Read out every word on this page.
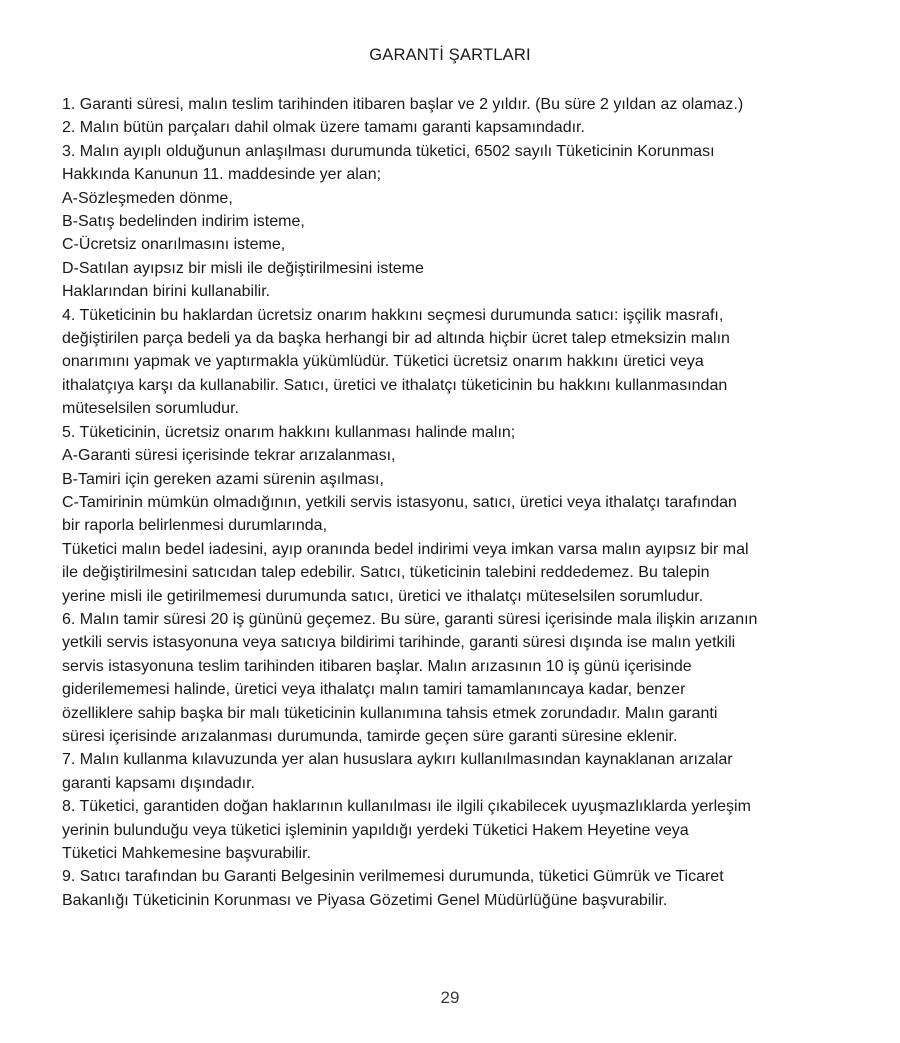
GARANTİ ŞARTLARI
1. Garanti süresi, malın teslim tarihinden itibaren başlar ve 2 yıldır. (Bu süre 2 yıldan az olamaz.)
2. Malın bütün parçaları dahil olmak üzere tamamı garanti kapsamındadır.
3. Malın ayıplı olduğunun anlaşılması durumunda tüketici, 6502 sayılı Tüketicinin Korunması
Hakkında Kanunun 11. maddesinde yer alan;
A-Sözleşmeden dönme,
B-Satış bedelinden indirim isteme,
C-Ücretsiz onarılmasını isteme,
D-Satılan ayıpsız bir misli ile değiştirilmesini isteme
Haklarından birini kullanabilir.
4. Tüketicinin bu haklardan ücretsiz onarım hakkını seçmesi durumunda satıcı: işçilik masrafı,
değiştirilen parça bedeli ya da başka herhangi bir ad altında hiçbir ücret talep etmeksizin malın
onarımını yapmak ve yaptırmakla yükümlüdür. Tüketici ücretsiz onarım hakkını üretici veya
ithalatçıya karşı da kullanabilir. Satıcı, üretici ve ithalatçı tüketicinin bu hakkını kullanmasından
müteselsilen sorumludur.
5. Tüketicinin, ücretsiz onarım hakkını kullanması halinde malın;
A-Garanti süresi içerisinde tekrar arızalanması,
B-Tamiri için gereken azami sürenin aşılması,
C-Tamirinin mümkün olmadığının, yetkili servis istasyonu, satıcı, üretici veya ithalatçı tarafından
bir raporla belirlenmesi durumlarında,
Tüketici malın bedel iadesini, ayıp oranında bedel indirimi veya imkan varsa malın ayıpsız bir mal
ile değiştirilmesini satıcıdan talep edebilir. Satıcı, tüketicinin talebini reddedemez. Bu talepin
yerine misli ile getirilmemesi durumunda satıcı, üretici ve ithalatçı müteselsilen sorumludur.
6. Malın tamir süresi 20 iş gününü geçemez. Bu süre, garanti süresi içerisinde mala ilişkin arızanın
yetkili servis istasyonuna veya satıcıya bildirimi tarihinde, garanti süresi dışında ise malın yetkili
servis istasyonuna teslim tarihinden itibaren başlar. Malın arızasının 10 iş günü içerisinde
giderilememesi halinde, üretici veya ithalatçı malın tamiri tamamlanıncaya kadar, benzer
özelliklere sahip başka bir malı tüketicinin kullanımına tahsis etmek zorundadır. Malın garanti
süresi içerisinde arızalanması durumunda, tamirde geçen süre garanti süresine eklenir.
7. Malın kullanma kılavuzunda yer alan hususlara aykırı kullanılmasından kaynaklanan arızalar
garanti kapsamı dışındadır.
8. Tüketici, garantiden doğan haklarının kullanılması ile ilgili çıkabilecek uyuşmazlıklarda yerleşim
yerinin bulunduğu veya tüketici işleminin yapıldığı yerdeki Tüketici Hakem Heyetine veya
Tüketici Mahkemesine başvurabilir.
9. Satıcı tarafından bu Garanti Belgesinin verilmemesi durumunda, tüketici Gümrük ve Ticaret
Bakanlığı Tüketicinin Korunması ve Piyasa Gözetimi Genel Müdürlüğüne başvurabilir.
29
